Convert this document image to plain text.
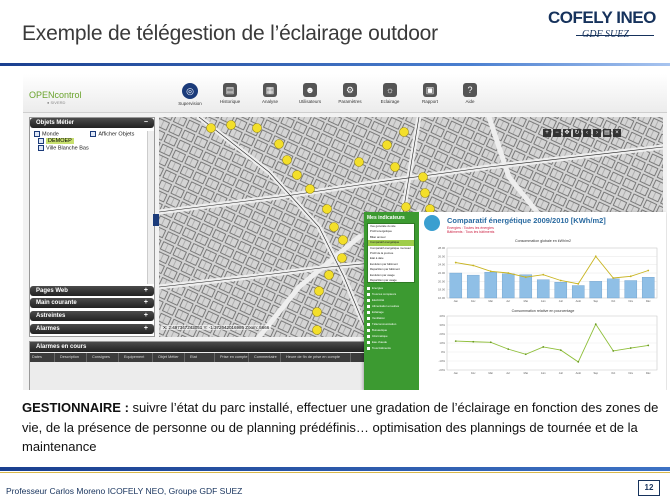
Exemple de télégestion de l’éclairage outdoor
COFELY INEO
GDF SUEZ
OPENcontrol
● SIVERD
◎
Supervision
▤
Historique
▦
Analyse
☻
Utilisateurs
⚙
Paramètres
☼
Eclairage
▣
Rapport
?
Aide
Objets Métier	−
Monde	Afficher Objets
DEMOEP
Ville Blanche Bas
Pages Web	+
Main courante	+
Astreintes	+
Alarmes	+
+ − ✥ ↻ ‹ › ▤ ×
X: 2.497347243051 Y: -1.372642016986 Zoom: 5666
Alarmes en cours
Dates	Description	Consignes	Equipement	Objet Métier	Etat	Prise en compte	Commentaire	Heure de fin de prise en compte
Mes indicateurs
Vue générale du site
Profil énergétique
Bilan annuel
Comparatif énergétique
Comparatif énergétique mensuel
Profil de la journée
Etat à date
Evolution par bâtiment
Répartition par bâtiment
Evolution par usage
Répartition par usage
Energies
Tous les compteurs
Electricité
Alimentation et autres
Eclairage
Ventilation
Télécommunication
Bureautique
Informatique
Eau chaude
Tous bâtiments
Comparatif énergétique 2009/2010 [KWh/m2]
Energies : Toutes les énergies
Bâtiments : Tous les bâtiments
Consommation globale en kWh/m2
16.00
18.00
20.00
22.00
24.00
26.00
28.00
Jan	Fév	Mar	Avr	Mai	Juin	Juil	Août	Sep	Oct	Nov	Déc
Consommation relative en pourcentage
-20%
-10%
0%
10%
20%
30%
40%
Jan	Fév	Mar	Avr	Mai	Juin	Juil	Août	Sep	Oct	Nov	Déc
GESTIONNAIRE : suivre l’état du parc installé, effectuer une gradation de l’éclairage en fonction des zones de vie, de la présence de personne ou de planning prédéfinis… optimisation des plannings de tournée et de la maintenance
Professeur Carlos Moreno ICOFELY NEO, Groupe GDF SUEZ	12
